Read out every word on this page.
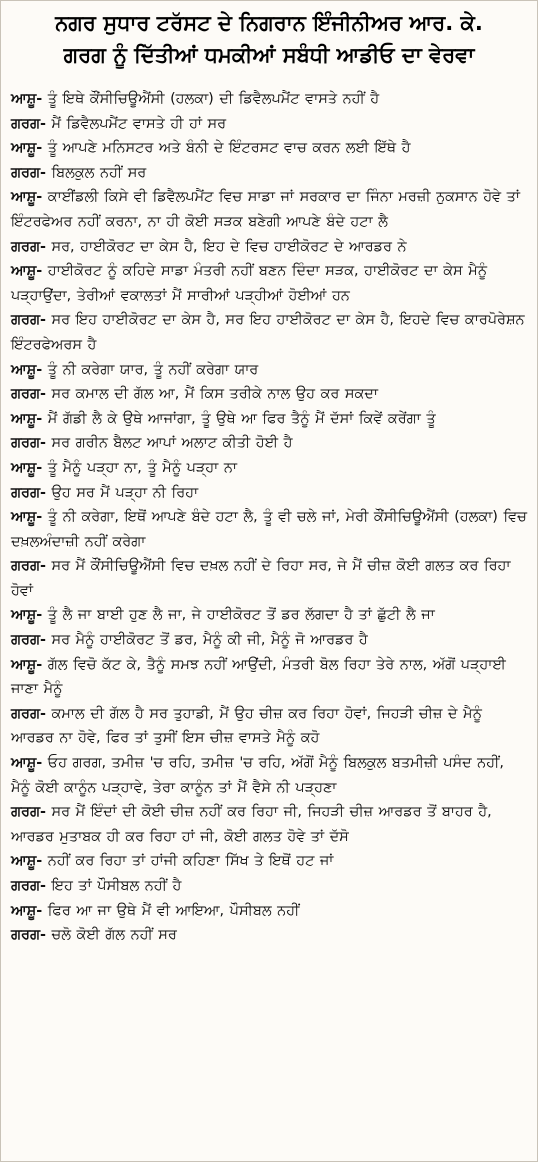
ਨਗਰ ਸੁਧਾਰ ਟਰੱਸਟ ਦੇ ਨਿਗਰਾਨ ਇੰਜੀਨੀਅਰ ਆਰ. ਕੇ.
ਗਰਗ ਨੂੰ ਦਿੱਤੀਆਂ ਧਮਕੀਆਂ ਸਬੰਧੀ ਆਡੀਓ ਦਾ ਵੇਰਵਾ

ਆਸ਼ੂ- ਤੂੰ ਇਥੇ ਕੌਂਸੀਚਿਊਐਂਸੀ (ਹਲਕਾ) ਦੀ ਡਿਵੈਲਪਮੈਂਟ ਵਾਸਤੇ ਨਹੀਂ ਹੈ

ਗਰਗ- ਮੈਂ ਡਿਵੈਲਪਮੈਂਟ ਵਾਸਤੇ ਹੀ ਹਾਂ ਸਰ

ਆਸ਼ੂ- ਤੂੰ ਆਪਣੇ ਮਨਿਸਟਰ ਅਤੇ ਬੰਨੀ ਦੇ ਇੰਟਰਸਟ ਵਾਚ ਕਰਨ ਲਈ ਇੱਥੇ ਹੈ

ਗਰਗ- ਬਿਲਕੁਲ ਨਹੀਂ ਸਰ

ਆਸ਼ੂ- ਕਾਈਂਡਲੀ ਕਿਸੇ ਵੀ ਡਿਵੈਲਪਮੈਂਟ ਵਿਚ ਸਾਡਾ ਜਾਂ ਸਰਕਾਰ ਦਾ ਜਿੰਨਾ ਮਰਜ਼ੀ ਨੁਕਸਾਨ ਹੋਵੇ ਤਾਂ ਇੰਟਰਫੇਅਰ ਨਹੀਂ ਕਰਨਾ, ਨਾ ਹੀ ਕੋਈ ਸੜਕ ਬਣੇਗੀ ਆਪਣੇ ਬੰਦੇ ਹਟਾ ਲੈ

ਗਰਗ- ਸਰ, ਹਾਈਕੋਰਟ ਦਾ ਕੇਸ ਹੈ, ਇਹ ਦੇ ਵਿਚ ਹਾਈਕੋਰਟ ਦੇ ਆਰਡਰ ਨੇ

ਆਸ਼ੂ- ਹਾਈਕੋਰਟ ਨੂੰ ਕਹਿਦੇ ਸਾਡਾ ਮੰਤਰੀ ਨਹੀਂ ਬਣਨ ਦਿੰਦਾ ਸੜਕ, ਹਾਈਕੋਰਟ ਦਾ ਕੇਸ ਮੈਨੂੰ ਪੜ੍ਹਾਉਂਦਾ, ਤੇਰੀਆਂ ਵਕਾਲਤਾਂ ਮੈਂ ਸਾਰੀਆਂ ਪੜ੍ਹੀਆਂ ਹੋਈਆਂ ਹਨ

ਗਰਗ- ਸਰ ਇਹ ਹਾਈਕੋਰਟ ਦਾ ਕੇਸ ਹੈ, ਸਰ ਇਹ ਹਾਈਕੋਰਟ ਦਾ ਕੇਸ ਹੈ, ਇਹਦੇ ਵਿਚ ਕਾਰਪੋਰੇਸ਼ਨ ਇੰਟਰਫੇਅਰਸ ਹੈ

ਆਸ਼ੂ- ਤੂੰ ਨੀ ਕਰੇਗਾ ਯਾਰ, ਤੂੰ ਨਹੀਂ ਕਰੇਗਾ ਯਾਰ

ਗਰਗ- ਸਰ ਕਮਾਲ ਦੀ ਗੱਲ ਆ, ਮੈਂ ਕਿਸ ਤਰੀਕੇ ਨਾਲ ਉਹ ਕਰ ਸਕਦਾ

ਆਸ਼ੂ- ਮੈਂ ਗੱਡੀ ਲੈ ਕੇ ਉਥੇ ਆਜਾਂਗਾ, ਤੂੰ ਉਥੇ ਆ ਫਿਰ ਤੈਨੂੰ ਮੈਂ ਦੱਸਾਂ ਕਿਵੇਂ ਕਰੇਂਗਾ ਤੂੰ

ਗਰਗ- ਸਰ ਗਰੀਨ ਬੈਲਟ ਆਪਾਂ ਅਲਾਟ ਕੀਤੀ ਹੋਈ ਹੈ

ਆਸ਼ੂ- ਤੂੰ ਮੈਨੂੰ ਪੜ੍ਹਾ ਨਾ, ਤੂੰ ਮੈਨੂੰ ਪੜ੍ਹਾ ਨਾ

ਗਰਗ- ਉਹ ਸਰ ਮੈਂ ਪੜ੍ਹਾ ਨੀ ਰਿਹਾ

ਆਸ਼ੂ- ਤੂੰ ਨੀ ਕਰੇਗਾ, ਇਥੋਂ ਆਪਣੇ ਬੰਦੇ ਹਟਾ ਲੈ, ਤੂੰ ਵੀ ਚਲੇ ਜਾਂ, ਮੇਰੀ ਕੌਂਸੀਚਿਊਐਂਸੀ (ਹਲਕਾ) ਵਿਚ ਦਖ਼ਲਅੰਦਾਜ਼ੀ ਨਹੀਂ ਕਰੇਗਾ

ਗਰਗ- ਸਰ ਮੈਂ ਕੌਂਸੀਚਿਊਐਂਸੀ ਵਿਚ ਦਖ਼ਲ ਨਹੀਂ ਦੇ ਰਿਹਾ ਸਰ, ਜੇ ਮੈਂ ਚੀਜ਼ ਕੋਈ ਗਲਤ ਕਰ ਰਿਹਾ ਹੋਵਾਂ

ਆਸ਼ੂ- ਤੂੰ ਲੈ ਜਾ ਬਾਈ ਹੁਣ ਲੈ ਜਾ, ਜੇ ਹਾਈਕੋਰਟ ਤੋਂ ਡਰ ਲੱਗਦਾ ਹੈ ਤਾਂ ਛੁੱਟੀ ਲੈ ਜਾ

ਗਰਗ- ਸਰ ਮੈਨੂੰ ਹਾਈਕੋਰਟ ਤੋਂ ਡਰ, ਮੈਨੂੰ ਕੀ ਜੀ, ਮੈਨੂੰ ਜੋ ਆਰਡਰ ਹੈ

ਆਸ਼ੂ- ਗੱਲ ਵਿਚੋ ਕੱਟ ਕੇ, ਤੈਨੂੰ ਸਮਝ ਨਹੀਂ ਆਉਂਦੀ, ਮੰਤਰੀ ਬੋਲ ਰਿਹਾ ਤੇਰੇ ਨਾਲ, ਅੱਗੋਂ ਪੜ੍ਹਾਈ ਜਾਣਾ ਮੈਨੂੰ

ਗਰਗ- ਕਮਾਲ ਦੀ ਗੱਲ ਹੈ ਸਰ ਤੁਹਾਡੀ, ਮੈਂ ਉਹ ਚੀਜ਼ ਕਰ ਰਿਹਾ ਹੋਵਾਂ, ਜਿਹੜੀ ਚੀਜ਼ ਦੇ ਮੈਨੂੰ ਆਰਡਰ ਨਾ ਹੋਵੇ, ਫਿਰ ਤਾਂ ਤੁਸੀਂ ਇਸ ਚੀਜ਼ ਵਾਸਤੇ ਮੈਨੂੰ ਕਹੋ

ਆਸ਼ੂ- ਓਹ ਗਰਗ, ਤਮੀਜ਼ 'ਚ ਰਹਿ, ਤਮੀਜ਼ 'ਚ ਰਹਿ, ਅੱਗੋਂ ਮੈਨੂੰ ਬਿਲਕੁਲ ਬਤਮੀਜ਼ੀ ਪਸੰਦ ਨਹੀਂ, ਮੈਨੂੰ ਕੋਈ ਕਾਨੂੰਨ ਪੜ੍ਹਾਵੇ, ਤੇਰਾ ਕਾਨੂੰਨ ਤਾਂ ਮੈਂ ਵੈਸੇ ਨੀ ਪੜ੍ਹਣਾ

ਗਰਗ- ਸਰ ਮੈਂ ਇੰਦਾਂ ਦੀ ਕੋਈ ਚੀਜ਼ ਨਹੀਂ ਕਰ ਰਿਹਾ ਜੀ, ਜਿਹੜੀ ਚੀਜ਼ ਆਰਡਰ ਤੋਂ ਬਾਹਰ ਹੈ, ਆਰਡਰ ਮੁਤਾਬਕ ਹੀ ਕਰ ਰਿਹਾ ਹਾਂ ਜੀ, ਕੋਈ ਗਲਤ ਹੋਵੇ ਤਾਂ ਦੱਸੋ

ਆਸ਼ੂ- ਨਹੀਂ ਕਰ ਰਿਹਾ ਤਾਂ ਹਾਂਜੀ ਕਹਿਣਾ ਸਿੱਖ ਤੇ ਇਥੋਂ ਹਟ ਜਾਂ

ਗਰਗ- ਇਹ ਤਾਂ ਪੌਸੀਬਲ ਨਹੀਂ ਹੈ

ਆਸ਼ੂ- ਫਿਰ ਆ ਜਾ ਉਥੇ ਮੈਂ ਵੀ ਆਇਆ, ਪੌਸੀਬਲ ਨਹੀਂ

ਗਰਗ- ਚਲੋ ਕੋਈ ਗੱਲ ਨਹੀਂ ਸਰ
